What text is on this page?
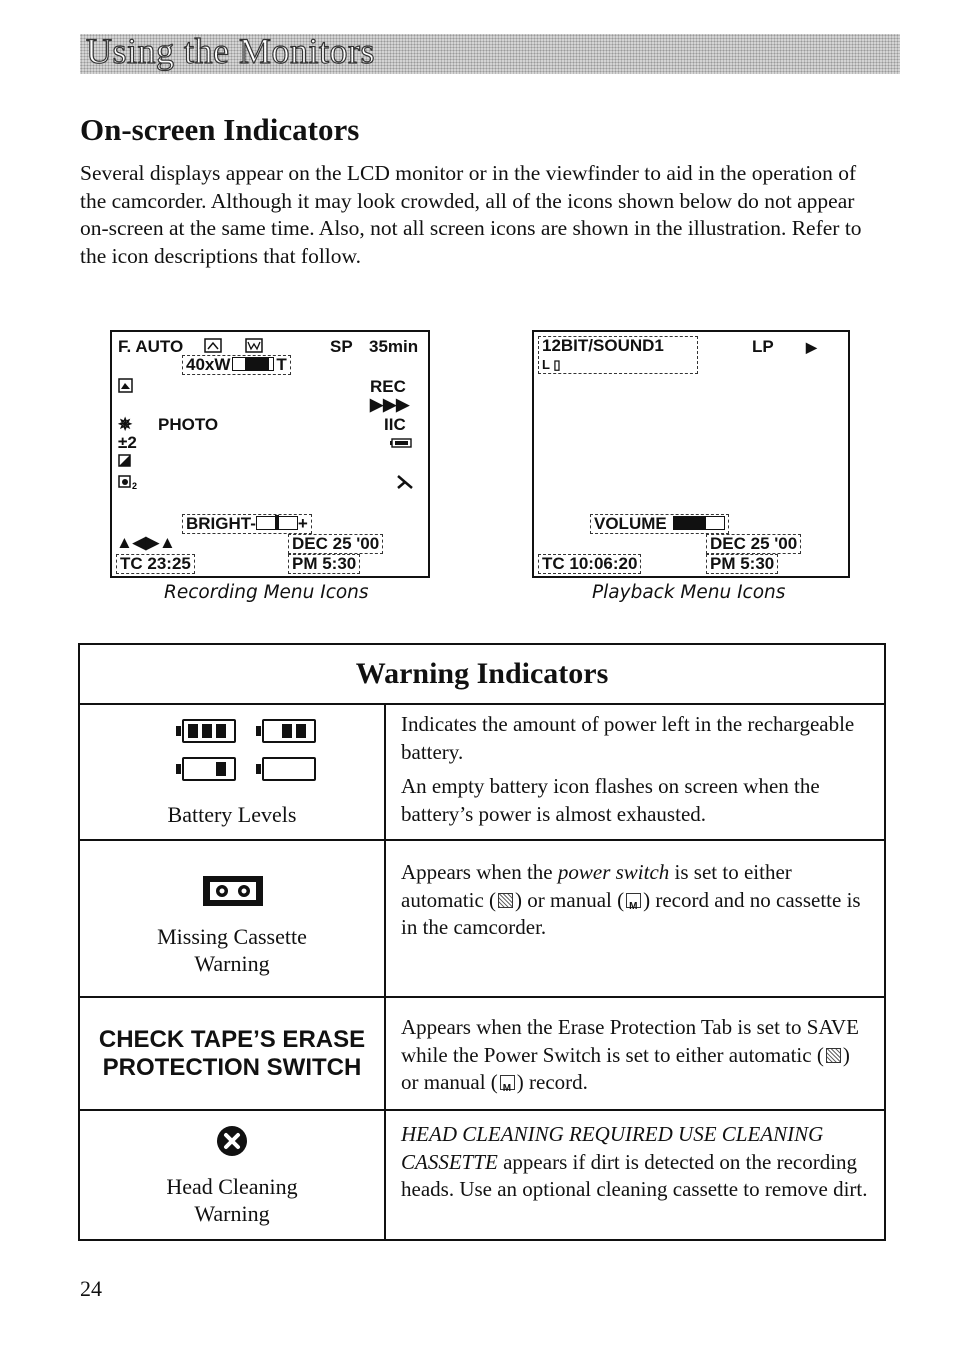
Using the Monitors
On-screen Indicators
Several displays appear on the LCD monitor or in the viewfinder to aid in the operation of the camcorder. Although it may look crowded, all of the icons shown below do not appear on-screen at the same time. Also, not all screen icons are shown in the illustration. Refer to the icon descriptions that follow.
F. AUTO	SP 35min
40xW	T
REC
▶▶▶
✵ PHOTO	IIC
±2
2
BRIGHT- +
▲◀▶▲	DEC 25 '00
TC 23:25	PM 5:30
Recording Menu Icons
12BIT/SOUND1
L ▯
LP ▶
VOLUME
DEC 25 '00
TC 10:06:20	PM 5:30
Playback Menu Icons
Warning Indicators	

Battery Levels	Indicates the amount of power left in the rechargeable battery.

An empty battery icon flashes on screen when the battery’s power is almost exhausted.

Missing Cassette
Warning	Appears when the power switch is set to either automatic ( ) or manual ( M ) record and no cassette is in the camcorder.

CHECK TAPE’S ERASE
PROTECTION SWITCH	Appears when the Erase Protection Tab is set to SAVE while the Power Switch is set to either automatic ( ) or manual ( M ) record.

Head Cleaning
Warning	HEAD CLEANING REQUIRED USE CLEANING CASSETTE appears if dirt is detected on the recording heads. Use an optional cleaning cassette to remove dirt.
24
